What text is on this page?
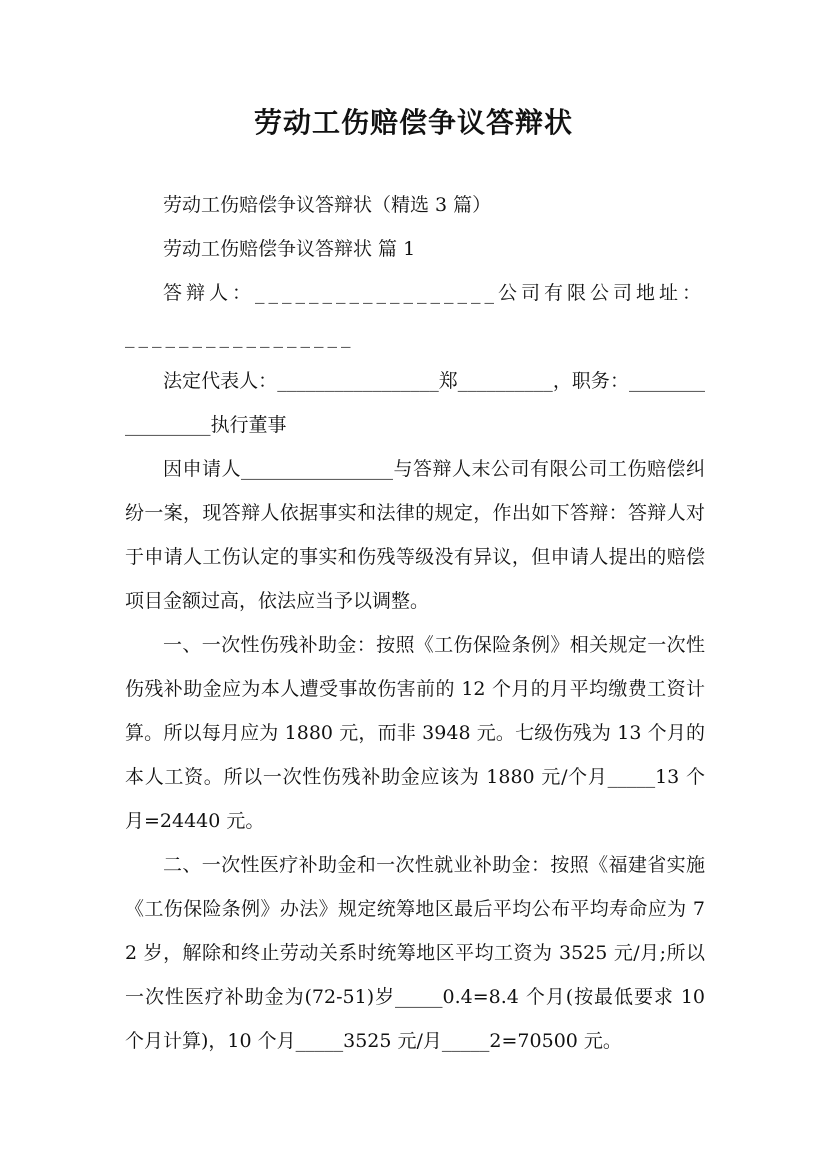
劳动工伤赔偿争议答辩状

劳动工伤赔偿争议答辩状（精选 3 篇）

劳动工伤赔偿争议答辩状 篇 1

答辩人：__________________公司有限公司地址：_________________

法定代表人：_________________郑__________，职务：_________________执行董事

因申请人________________与答辩人末公司有限公司工伤赔偿纠纷一案，现答辩人依据事实和法律的规定，作出如下答辩：答辩人对于申请人工伤认定的事实和伤残等级没有异议，但申请人提出的赔偿项目金额过高，依法应当予以调整。

一、一次性伤残补助金：按照《工伤保险条例》相关规定一次性伤残补助金应为本人遭受事故伤害前的 12 个月的月平均缴费工资计算。所以每月应为 1880 元，而非 3948 元。七级伤残为 13 个月的本人工资。所以一次性伤残补助金应该为 1880 元/个月_____13 个月=24440 元。

二、一次性医疗补助金和一次性就业补助金：按照《福建省实施《工伤保险条例》办法》规定统筹地区最后平均公布平均寿命应为 72 岁，解除和终止劳动关系时统筹地区平均工资为 3525 元/月;所以一次性医疗补助金为(72-51)岁_____0.4=8.4 个月(按最低要求 10 个月计算)，10 个月_____3525 元/月_____2=70500 元。
